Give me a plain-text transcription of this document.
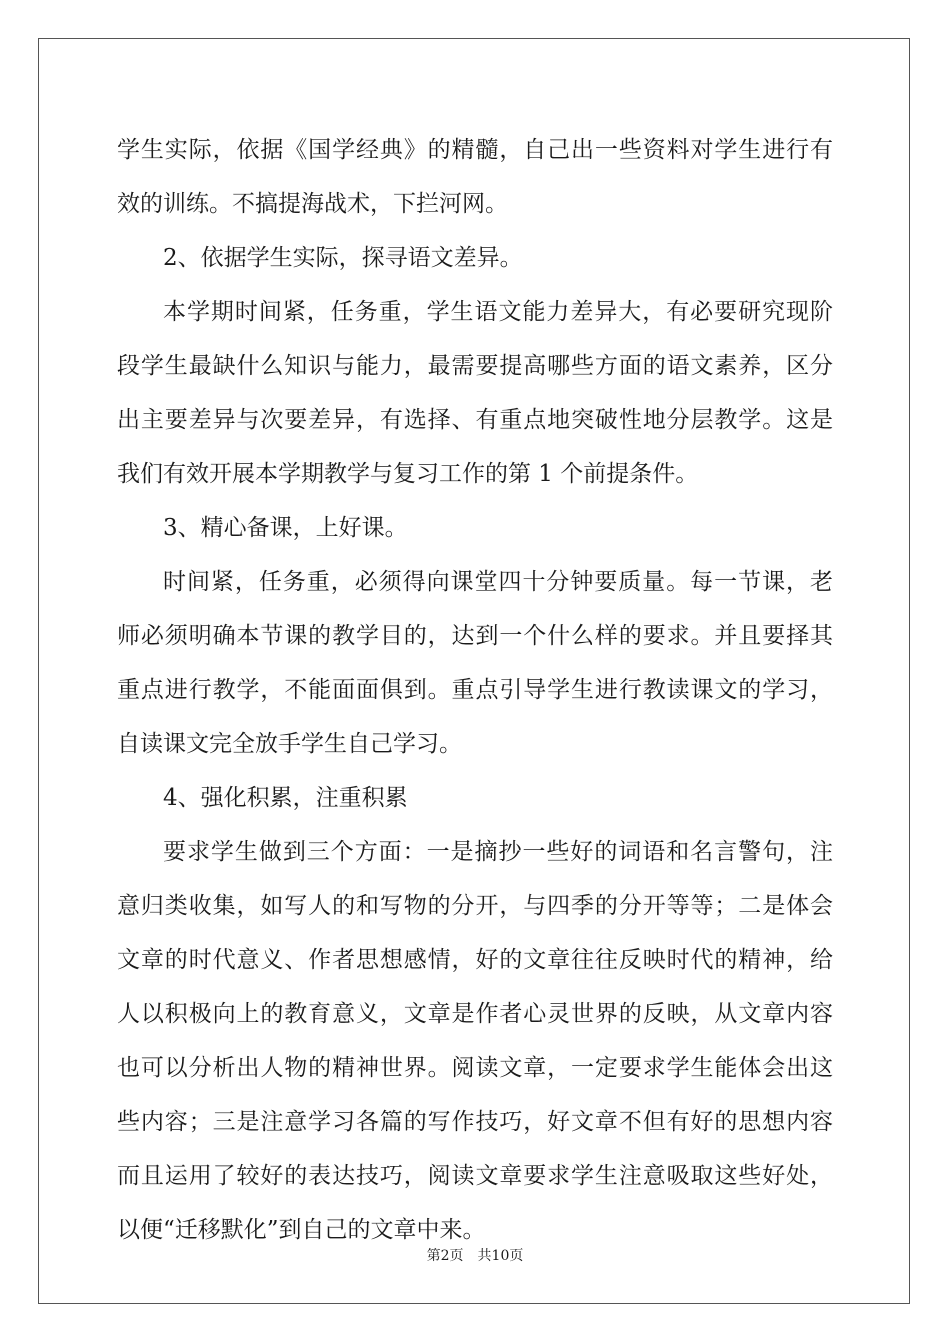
学生实际，依据《国学经典》的精髓，自己出一些资料对学生进行有
效的训练。不搞提海战术，下拦河网。
2、依据学生实际，探寻语文差异。
本学期时间紧，任务重，学生语文能力差异大，有必要研究现阶
段学生最缺什么知识与能力，最需要提高哪些方面的语文素养，区分
出主要差异与次要差异，有选择、有重点地突破性地分层教学。这是
我们有效开展本学期教学与复习工作的第 1 个前提条件。
3、精心备课，上好课。
时间紧，任务重，必须得向课堂四十分钟要质量。每一节课，老
师必须明确本节课的教学目的，达到一个什么样的要求。并且要择其
重点进行教学，不能面面俱到。重点引导学生进行教读课文的学习，
自读课文完全放手学生自己学习。
4、强化积累，注重积累
要求学生做到三个方面：一是摘抄一些好的词语和名言警句，注
意归类收集，如写人的和写物的分开，与四季的分开等等；二是体会
文章的时代意义、作者思想感情，好的文章往往反映时代的精神，给
人以积极向上的教育意义，文章是作者心灵世界的反映，从文章内容
也可以分析出人物的精神世界。阅读文章，一定要求学生能体会出这
些内容；三是注意学习各篇的写作技巧，好文章不但有好的思想内容
而且运用了较好的表达技巧，阅读文章要求学生注意吸取这些好处，
以便“迁移默化”到自己的文章中来。
第2页 共10页
